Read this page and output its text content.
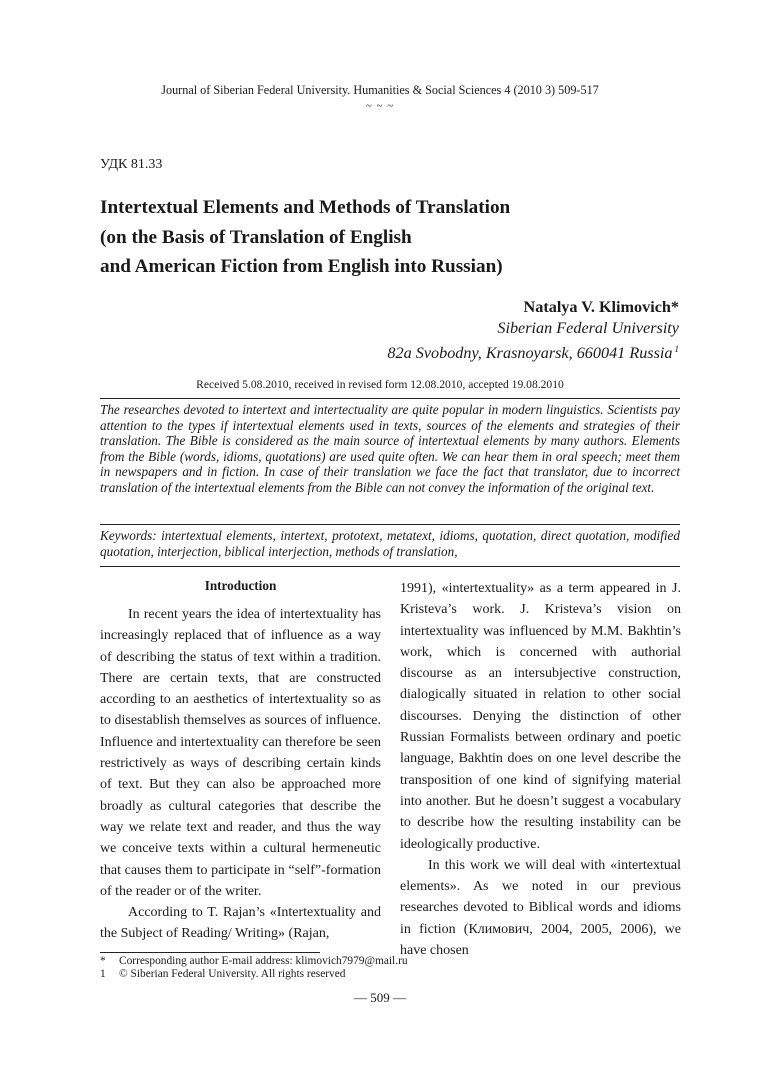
Journal of Siberian Federal University. Humanities & Social Sciences 4 (2010 3) 509-517
~ ~ ~
УДК 81.33
Intertextual Elements and Methods of Translation
(on the Basis of Translation of English
and American Fiction from English into Russian)
Natalya V. Klimovich*
Siberian Federal University
82a Svobodny, Krasnoyarsk, 660041 Russia $^1$
Received 5.08.2010, received in revised form 12.08.2010, accepted 19.08.2010
The researches devoted to intertext and intertectuality are quite popular in modern linguistics. Scientists pay attention to the types if intertextual elements used in texts, sources of the elements and strategies of their translation. The Bible is considered as the main source of intertextual elements by many authors. Elements from the Bible (words, idioms, quotations) are used quite often. We can hear them in oral speech; meet them in newspapers and in fiction. In case of their translation we face the fact that translator, due to incorrect translation of the intertextual elements from the Bible can not convey the information of the original text.
Keywords: intertextual elements, intertext, prototext, metatext, idioms, quotation, direct quotation, modified quotation, interjection, biblical interjection, methods of translation,
Introduction

In recent years the idea of intertextuality has increasingly replaced that of influence as a way of describing the status of text within a tradition. There are certain texts, that are constructed according to an aesthetics of intertextuality so as to disestablish themselves as sources of influence. Influence and intertextuality can therefore be seen restrictively as ways of describing certain kinds of text. But they can also be approached more broadly as cultural categories that describe the way we relate text and reader, and thus the way we conceive texts within a cultural hermeneutic that causes them to participate in “self”-formation of the reader or of the writer.

According to T. Rajan’s «Intertextuality and the Subject of Reading/ Writing» (Rajan,

1991), «intertextuality» as a term appeared in J. Kristeva’s work. J. Kristeva’s vision on intertextuality was influenced by M.M. Bakhtin’s work, which is concerned with authorial discourse as an intersubjective construction, dialogically situated in relation to other social discourses. Denying the distinction of other Russian Formalists between ordinary and poetic language, Bakhtin does on one level describe the transposition of one kind of signifying material into another. But he doesn’t suggest a vocabulary to describe how the resulting instability can be ideologically productive.

In this work we will deal with «intertextual elements». As we noted in our previous researches devoted to Biblical words and idioms in fiction (Климович, 2004, 2005, 2006), we have chosen

* Corresponding author E-mail address: klimovich7979@mail.ru
1 © Siberian Federal University. All rights reserved
— 509 —
